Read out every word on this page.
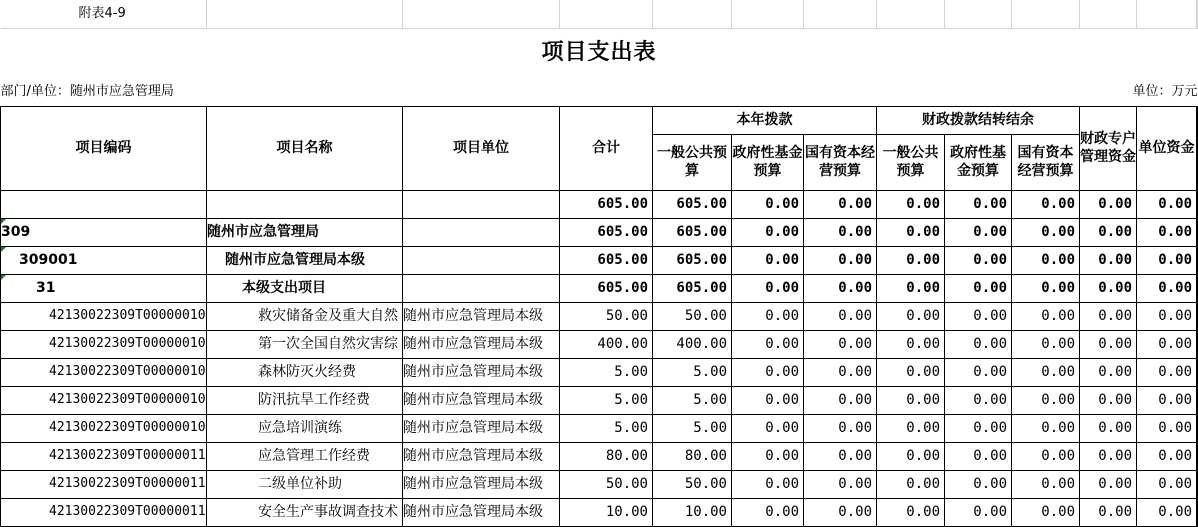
附表4-9												
项目支出表												
部门/单位：随州市应急管理局				单位：万元								
项目编码	项目名称	项目单位	合计	本年拨款			财政拨款结转结余			财政专户管理资金	单位资金	
				一般公共预算	政府性基金预算	国有资本经营预算	一般公共预算	政府性基金预算	国有资本经营预算			
			605.00	605.00	0.00	0.00	0.00	0.00	0.00	0.00	0.00	
309	随州市应急管理局		605.00	605.00	0.00	0.00	0.00	0.00	0.00	0.00	0.00	
309001	随州市应急管理局本级		605.00	605.00	0.00	0.00	0.00	0.00	0.00	0.00	0.00	
31	本级支出项目		605.00	605.00	0.00	0.00	0.00	0.00	0.00	0.00	0.00	
42130022309T00000010	救灾储备金及重大自然	随州市应急管理局本级	50.00	50.00	0.00	0.00	0.00	0.00	0.00	0.00	0.00	
42130022309T00000010	第一次全国自然灾害综	随州市应急管理局本级	400.00	400.00	0.00	0.00	0.00	0.00	0.00	0.00	0.00	
42130022309T00000010	森林防灭火经费	随州市应急管理局本级	5.00	5.00	0.00	0.00	0.00	0.00	0.00	0.00	0.00	
42130022309T00000010	防汛抗旱工作经费	随州市应急管理局本级	5.00	5.00	0.00	0.00	0.00	0.00	0.00	0.00	0.00	
42130022309T00000010	应急培训演练	随州市应急管理局本级	5.00	5.00	0.00	0.00	0.00	0.00	0.00	0.00	0.00	
42130022309T00000011	应急管理工作经费	随州市应急管理局本级	80.00	80.00	0.00	0.00	0.00	0.00	0.00	0.00	0.00	
42130022309T00000011	二级单位补助	随州市应急管理局本级	50.00	50.00	0.00	0.00	0.00	0.00	0.00	0.00	0.00	
42130022309T00000011	安全生产事故调查技术	随州市应急管理局本级	10.00	10.00	0.00	0.00	0.00	0.00	0.00	0.00	0.00	
